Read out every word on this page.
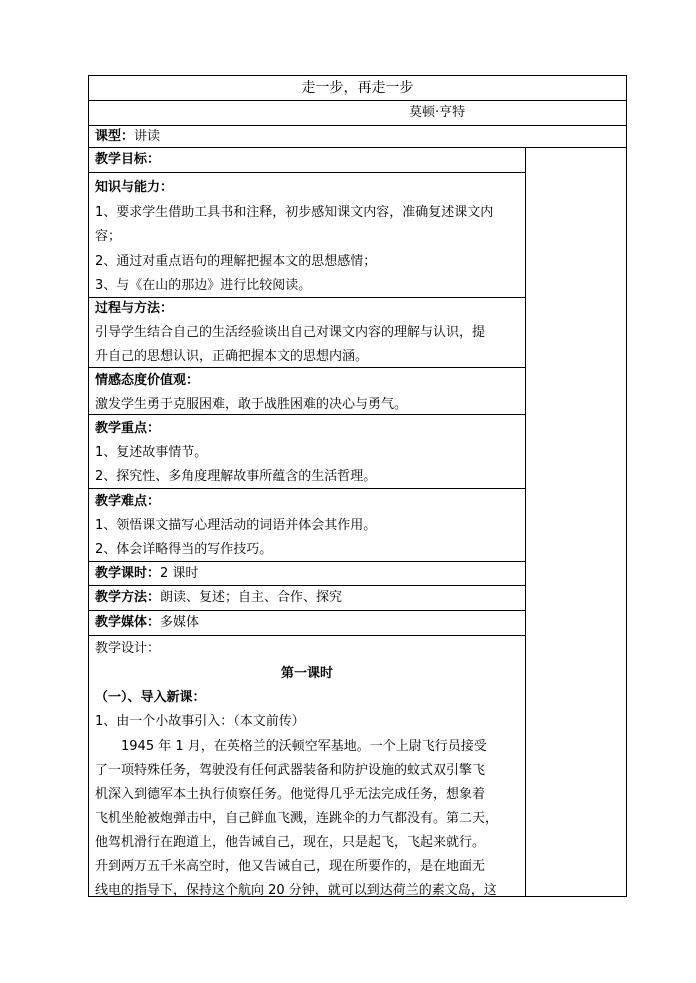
走一步，再走一步
莫顿·亨特
课型：讲读
教学目标：
知识与能力：
1、要求学生借助工具书和注释，初步感知课文内容，准确复述课文内
容；
2、通过对重点语句的理解把握本文的思想感情；
3、与《在山的那边》进行比较阅读。
过程与方法：
引导学生结合自己的生活经验谈出自己对课文内容的理解与认识，提
升自己的思想认识，正确把握本文的思想内涵。
情感态度价值观：
激发学生勇于克服困难，敢于战胜困难的决心与勇气。
教学重点：
1、复述故事情节。
2、探究性、多角度理解故事所蕴含的生活哲理。
教学难点：
1、领悟课文描写心理活动的词语并体会其作用。
2、体会详略得当的写作技巧。
教学课时：2 课时
教学方法：朗读、复述；自主、合作、探究
教学媒体：多媒体
教学设计：
第一课时
（一）、导入新课：
1、由一个小故事引入：（本文前传）
　　1945 年 1 月，在英格兰的沃顿空军基地。一个上尉飞行员接受
了一项特殊任务，驾驶没有任何武器装备和防护设施的蚊式双引擎飞
机深入到德军本土执行侦察任务。他觉得几乎无法完成任务，想象着
飞机坐舱被炮弹击中，自己鲜血飞溅，连跳伞的力气都没有。第二天，
他驾机滑行在跑道上，他告诫自己，现在，只是起飞，飞起来就行。
升到两万五千米高空时，他又告诫自己，现在所要作的，是在地面无
线电的指导下，保持这个航向 20 分钟，就可以到达荷兰的素文岛，这
